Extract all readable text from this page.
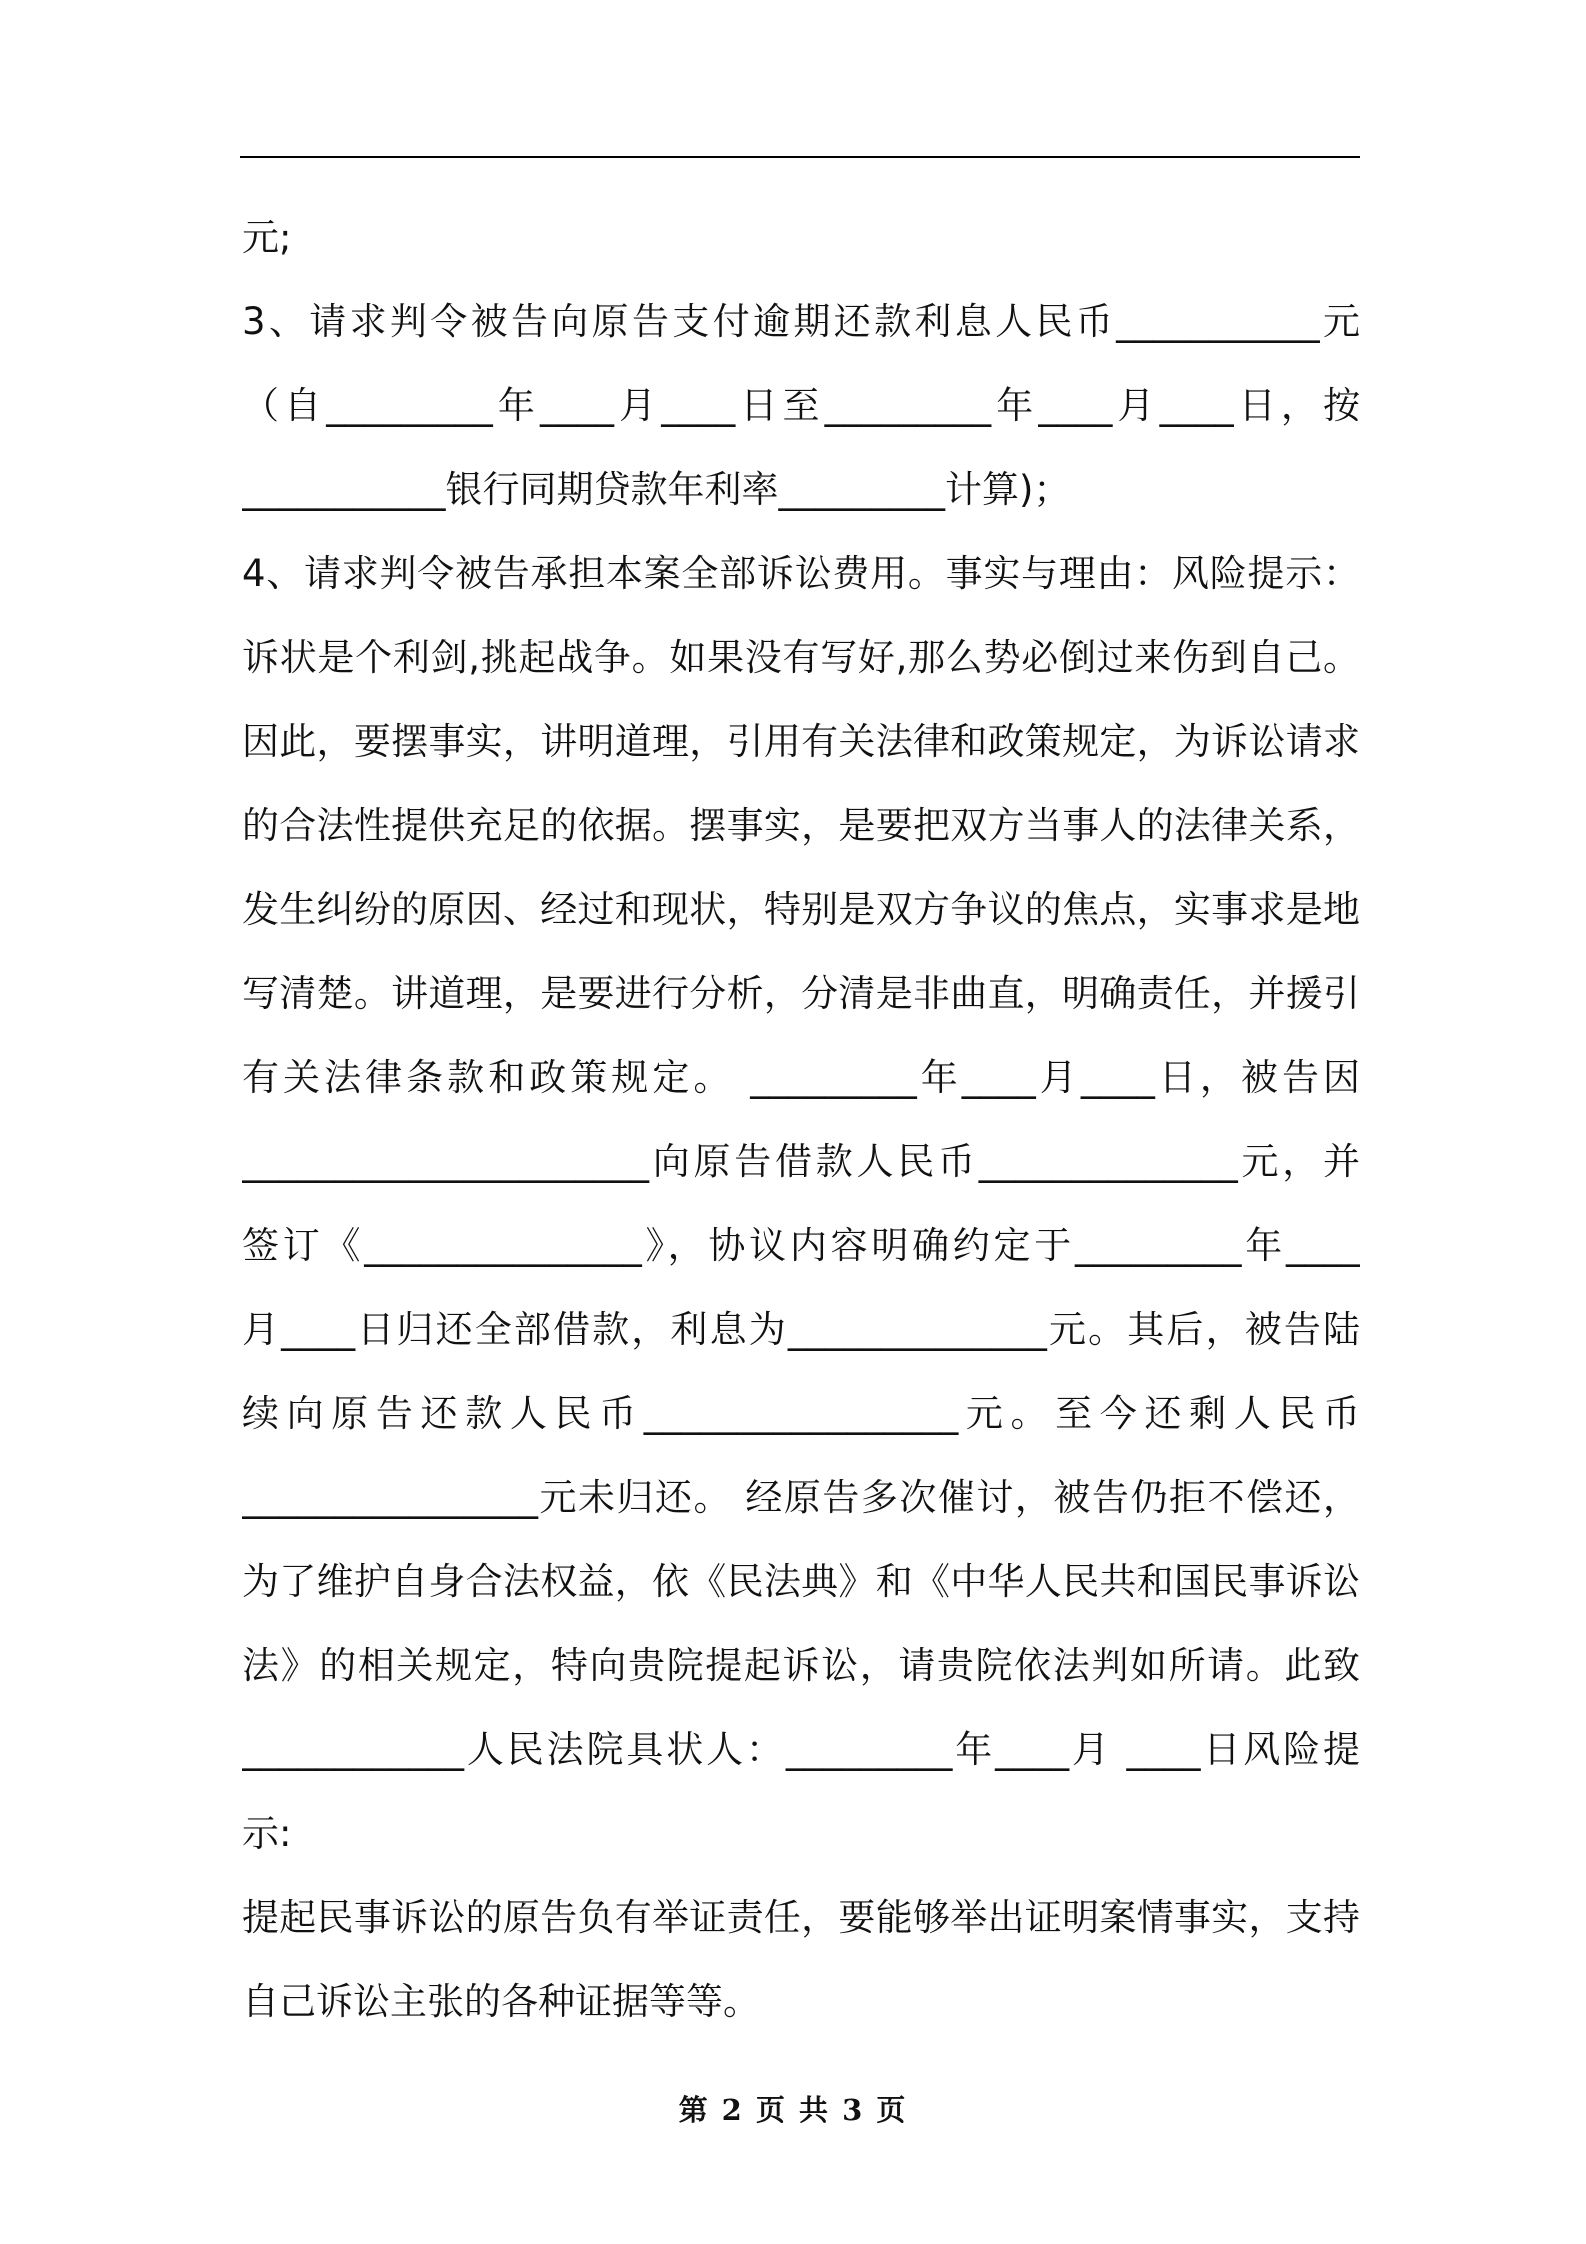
元;
3、请求判令被告向原告支付逾期还款利息人民币___________元
（自_________年____月____日至_________年____月____日，按
___________银行同期贷款年利率_________计算)；
4、请求判令被告承担本案全部诉讼费用。事实与理由：风险提示：
诉状是个利剑,挑起战争。如果没有写好,那么势必倒过来伤到自己。
因此，要摆事实，讲明道理，引用有关法律和政策规定，为诉讼请求
的合法性提供充足的依据。摆事实，是要把双方当事人的法律关系，
发生纠纷的原因、经过和现状，特别是双方争议的焦点，实事求是地
写清楚。讲道理，是要进行分析，分清是非曲直，明确责任，并援引
有关法律条款和政策规定。 _________年____月____日，被告因
______________________向原告借款人民币______________元，并
签订《_______________》，协议内容明确约定于_________年____
月____日归还全部借款，利息为______________元。其后，被告陆
续向原告还款人民币_________________元。至今还剩人民币
________________元未归还。 经原告多次催讨，被告仍拒不偿还，
为了维护自身合法权益，依《民法典》和《中华人民共和国民事诉讼
法》的相关规定，特向贵院提起诉讼，请贵院依法判如所请。此致
____________人民法院具状人：_________年____月 ____日风险提
示:
提起民事诉讼的原告负有举证责任，要能够举出证明案情事实，支持
自己诉讼主张的各种证据等等。
第 2 页 共 3 页
